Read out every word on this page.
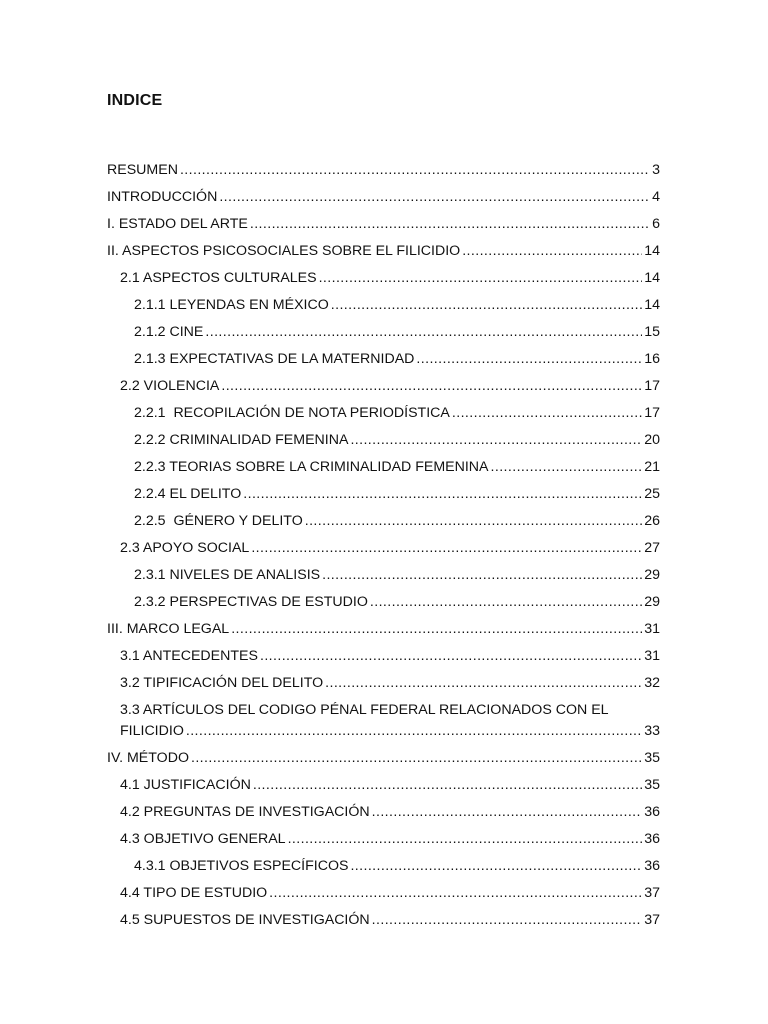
INDICE
RESUMEN .....	3
INTRODUCCIÓN .....	4
I. ESTADO DEL ARTE .....	6
II. ASPECTOS PSICOSOCIALES SOBRE EL FILICIDIO .....	14
2.1 ASPECTOS CULTURALES .....	14
2.1.1 LEYENDAS EN MÉXICO .....	14
2.1.2 CINE .....	15
2.1.3 EXPECTATIVAS DE LA MATERNIDAD .....	16
2.2 VIOLENCIA .....	17
2.2.1  RECOPILACIÓN DE NOTA PERIODÍSTICA .....	17
2.2.2 CRIMINALIDAD FEMENINA .....	20
2.2.3 TEORIAS SOBRE LA CRIMINALIDAD FEMENINA .....	21
2.2.4 EL DELITO .....	25
2.2.5  GÉNERO Y DELITO .....	26
2.3 APOYO SOCIAL .....	27
2.3.1 NIVELES DE ANALISIS .....	29
2.3.2 PERSPECTIVAS DE ESTUDIO .....	29
III. MARCO LEGAL .....	31
3.1 ANTECEDENTES .....	31
3.2 TIPIFICACIÓN DEL DELITO .....	32
3.3 ARTÍCULOS DEL CODIGO PÉNAL FEDERAL RELACIONADOS CON EL
FILICIDIO .....	33
IV. MÉTODO .....	35
4.1 JUSTIFICACIÓN .....	35
4.2 PREGUNTAS DE INVESTIGACIÓN .....	36
4.3 OBJETIVO GENERAL .....	36
4.3.1 OBJETIVOS ESPECÍFICOS .....	36
4.4 TIPO DE ESTUDIO .....	37
4.5 SUPUESTOS DE INVESTIGACIÓN .....	37
